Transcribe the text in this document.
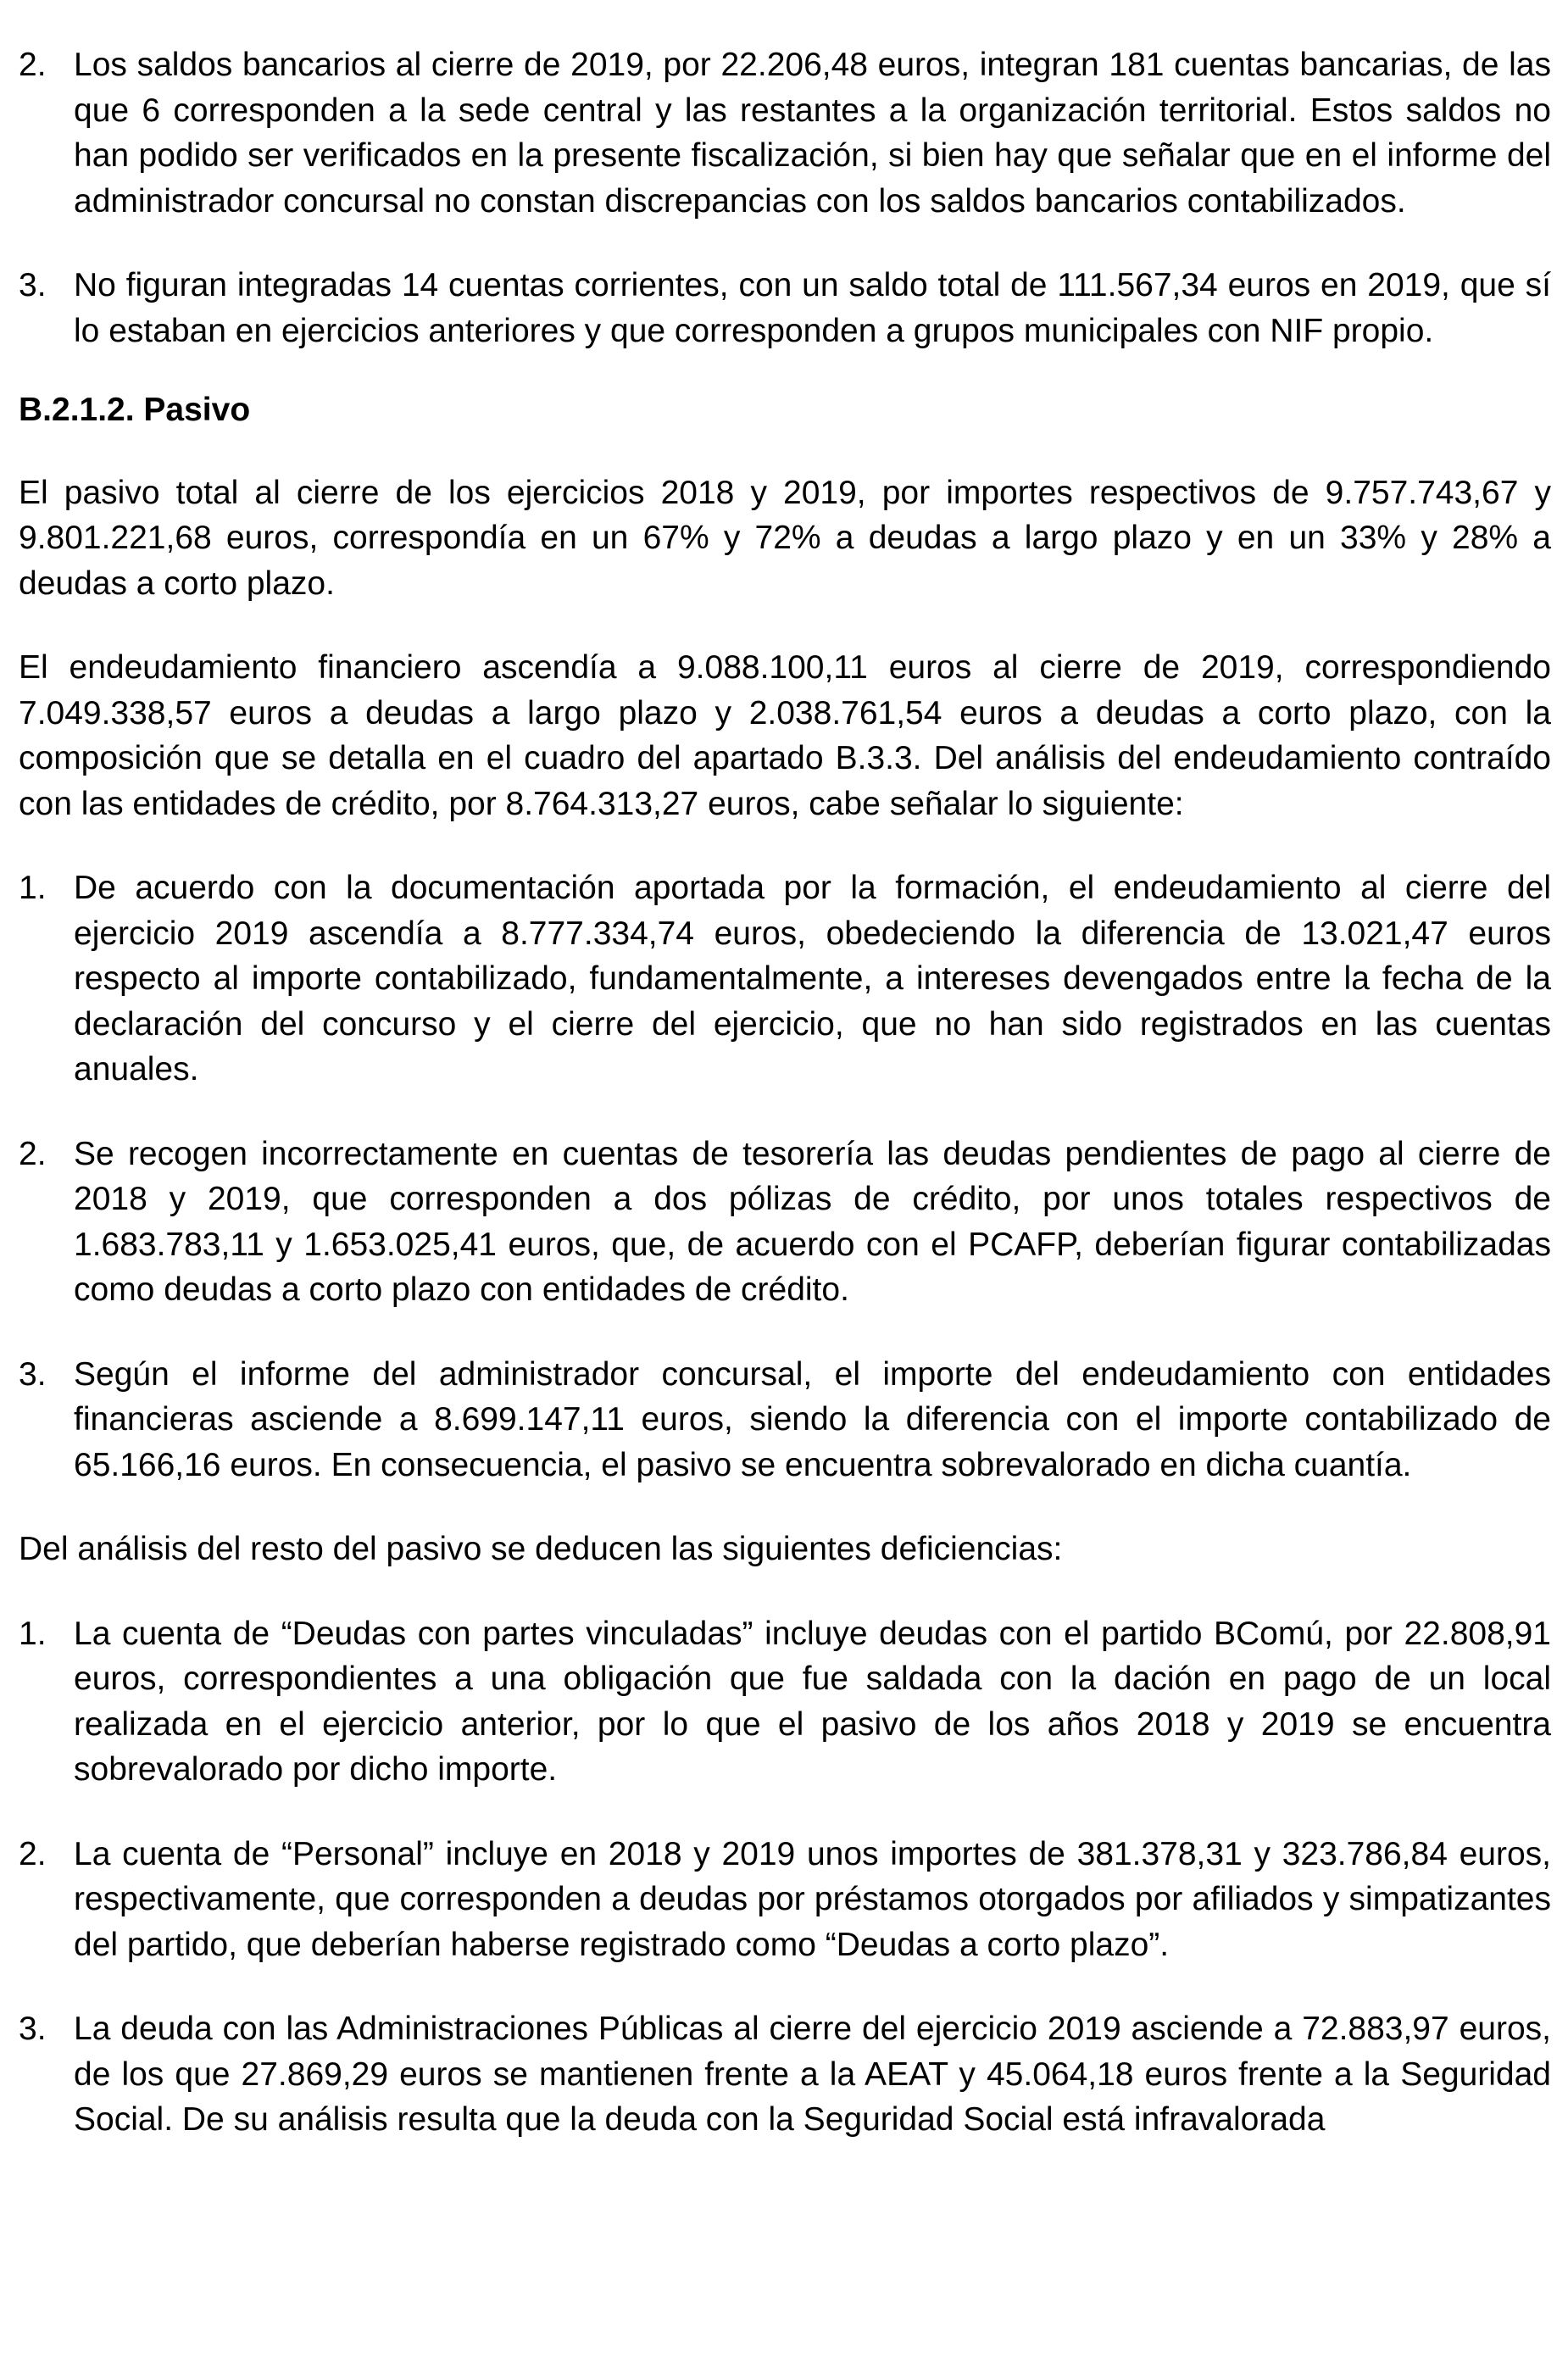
2. Los saldos bancarios al cierre de 2019, por 22.206,48 euros, integran 181 cuentas bancarias, de las que 6 corresponden a la sede central y las restantes a la organización territorial. Estos saldos no han podido ser verificados en la presente fiscalización, si bien hay que señalar que en el informe del administrador concursal no constan discrepancias con los saldos bancarios contabilizados.
3. No figuran integradas 14 cuentas corrientes, con un saldo total de 111.567,34 euros en 2019, que sí lo estaban en ejercicios anteriores y que corresponden a grupos municipales con NIF propio.
B.2.1.2. Pasivo

El pasivo total al cierre de los ejercicios 2018 y 2019, por importes respectivos de 9.757.743,67 y 9.801.221,68 euros, correspondía en un 67% y 72% a deudas a largo plazo y en un 33% y 28% a deudas a corto plazo.

El endeudamiento financiero ascendía a 9.088.100,11 euros al cierre de 2019, correspondiendo 7.049.338,57 euros a deudas a largo plazo y 2.038.761,54 euros a deudas a corto plazo, con la composición que se detalla en el cuadro del apartado B.3.3. Del análisis del endeudamiento contraído con las entidades de crédito, por 8.764.313,27 euros, cabe señalar lo siguiente:

1. De acuerdo con la documentación aportada por la formación, el endeudamiento al cierre del ejercicio 2019 ascendía a 8.777.334,74 euros, obedeciendo la diferencia de 13.021,47 euros respecto al importe contabilizado, fundamentalmente, a intereses devengados entre la fecha de la declaración del concurso y el cierre del ejercicio, que no han sido registrados en las cuentas anuales.
2. Se recogen incorrectamente en cuentas de tesorería las deudas pendientes de pago al cierre de 2018 y 2019, que corresponden a dos pólizas de crédito, por unos totales respectivos de 1.683.783,11 y 1.653.025,41 euros, que, de acuerdo con el PCAFP, deberían figurar contabilizadas como deudas a corto plazo con entidades de crédito.
3. Según el informe del administrador concursal, el importe del endeudamiento con entidades financieras asciende a 8.699.147,11 euros, siendo la diferencia con el importe contabilizado de 65.166,16 euros. En consecuencia, el pasivo se encuentra sobrevalorado en dicha cuantía.

Del análisis del resto del pasivo se deducen las siguientes deficiencias:

1. La cuenta de “Deudas con partes vinculadas” incluye deudas con el partido BComú, por 22.808,91 euros, correspondientes a una obligación que fue saldada con la dación en pago de un local realizada en el ejercicio anterior, por lo que el pasivo de los años 2018 y 2019 se encuentra sobrevalorado por dicho importe.
2. La cuenta de “Personal” incluye en 2018 y 2019 unos importes de 381.378,31 y 323.786,84 euros, respectivamente, que corresponden a deudas por préstamos otorgados por afiliados y simpatizantes del partido, que deberían haberse registrado como “Deudas a corto plazo”.
3. La deuda con las Administraciones Públicas al cierre del ejercicio 2019 asciende a 72.883,97 euros, de los que 27.869,29 euros se mantienen frente a la AEAT y 45.064,18 euros frente a la Seguridad Social. De su análisis resulta que la deuda con la Seguridad Social está infravalorada
